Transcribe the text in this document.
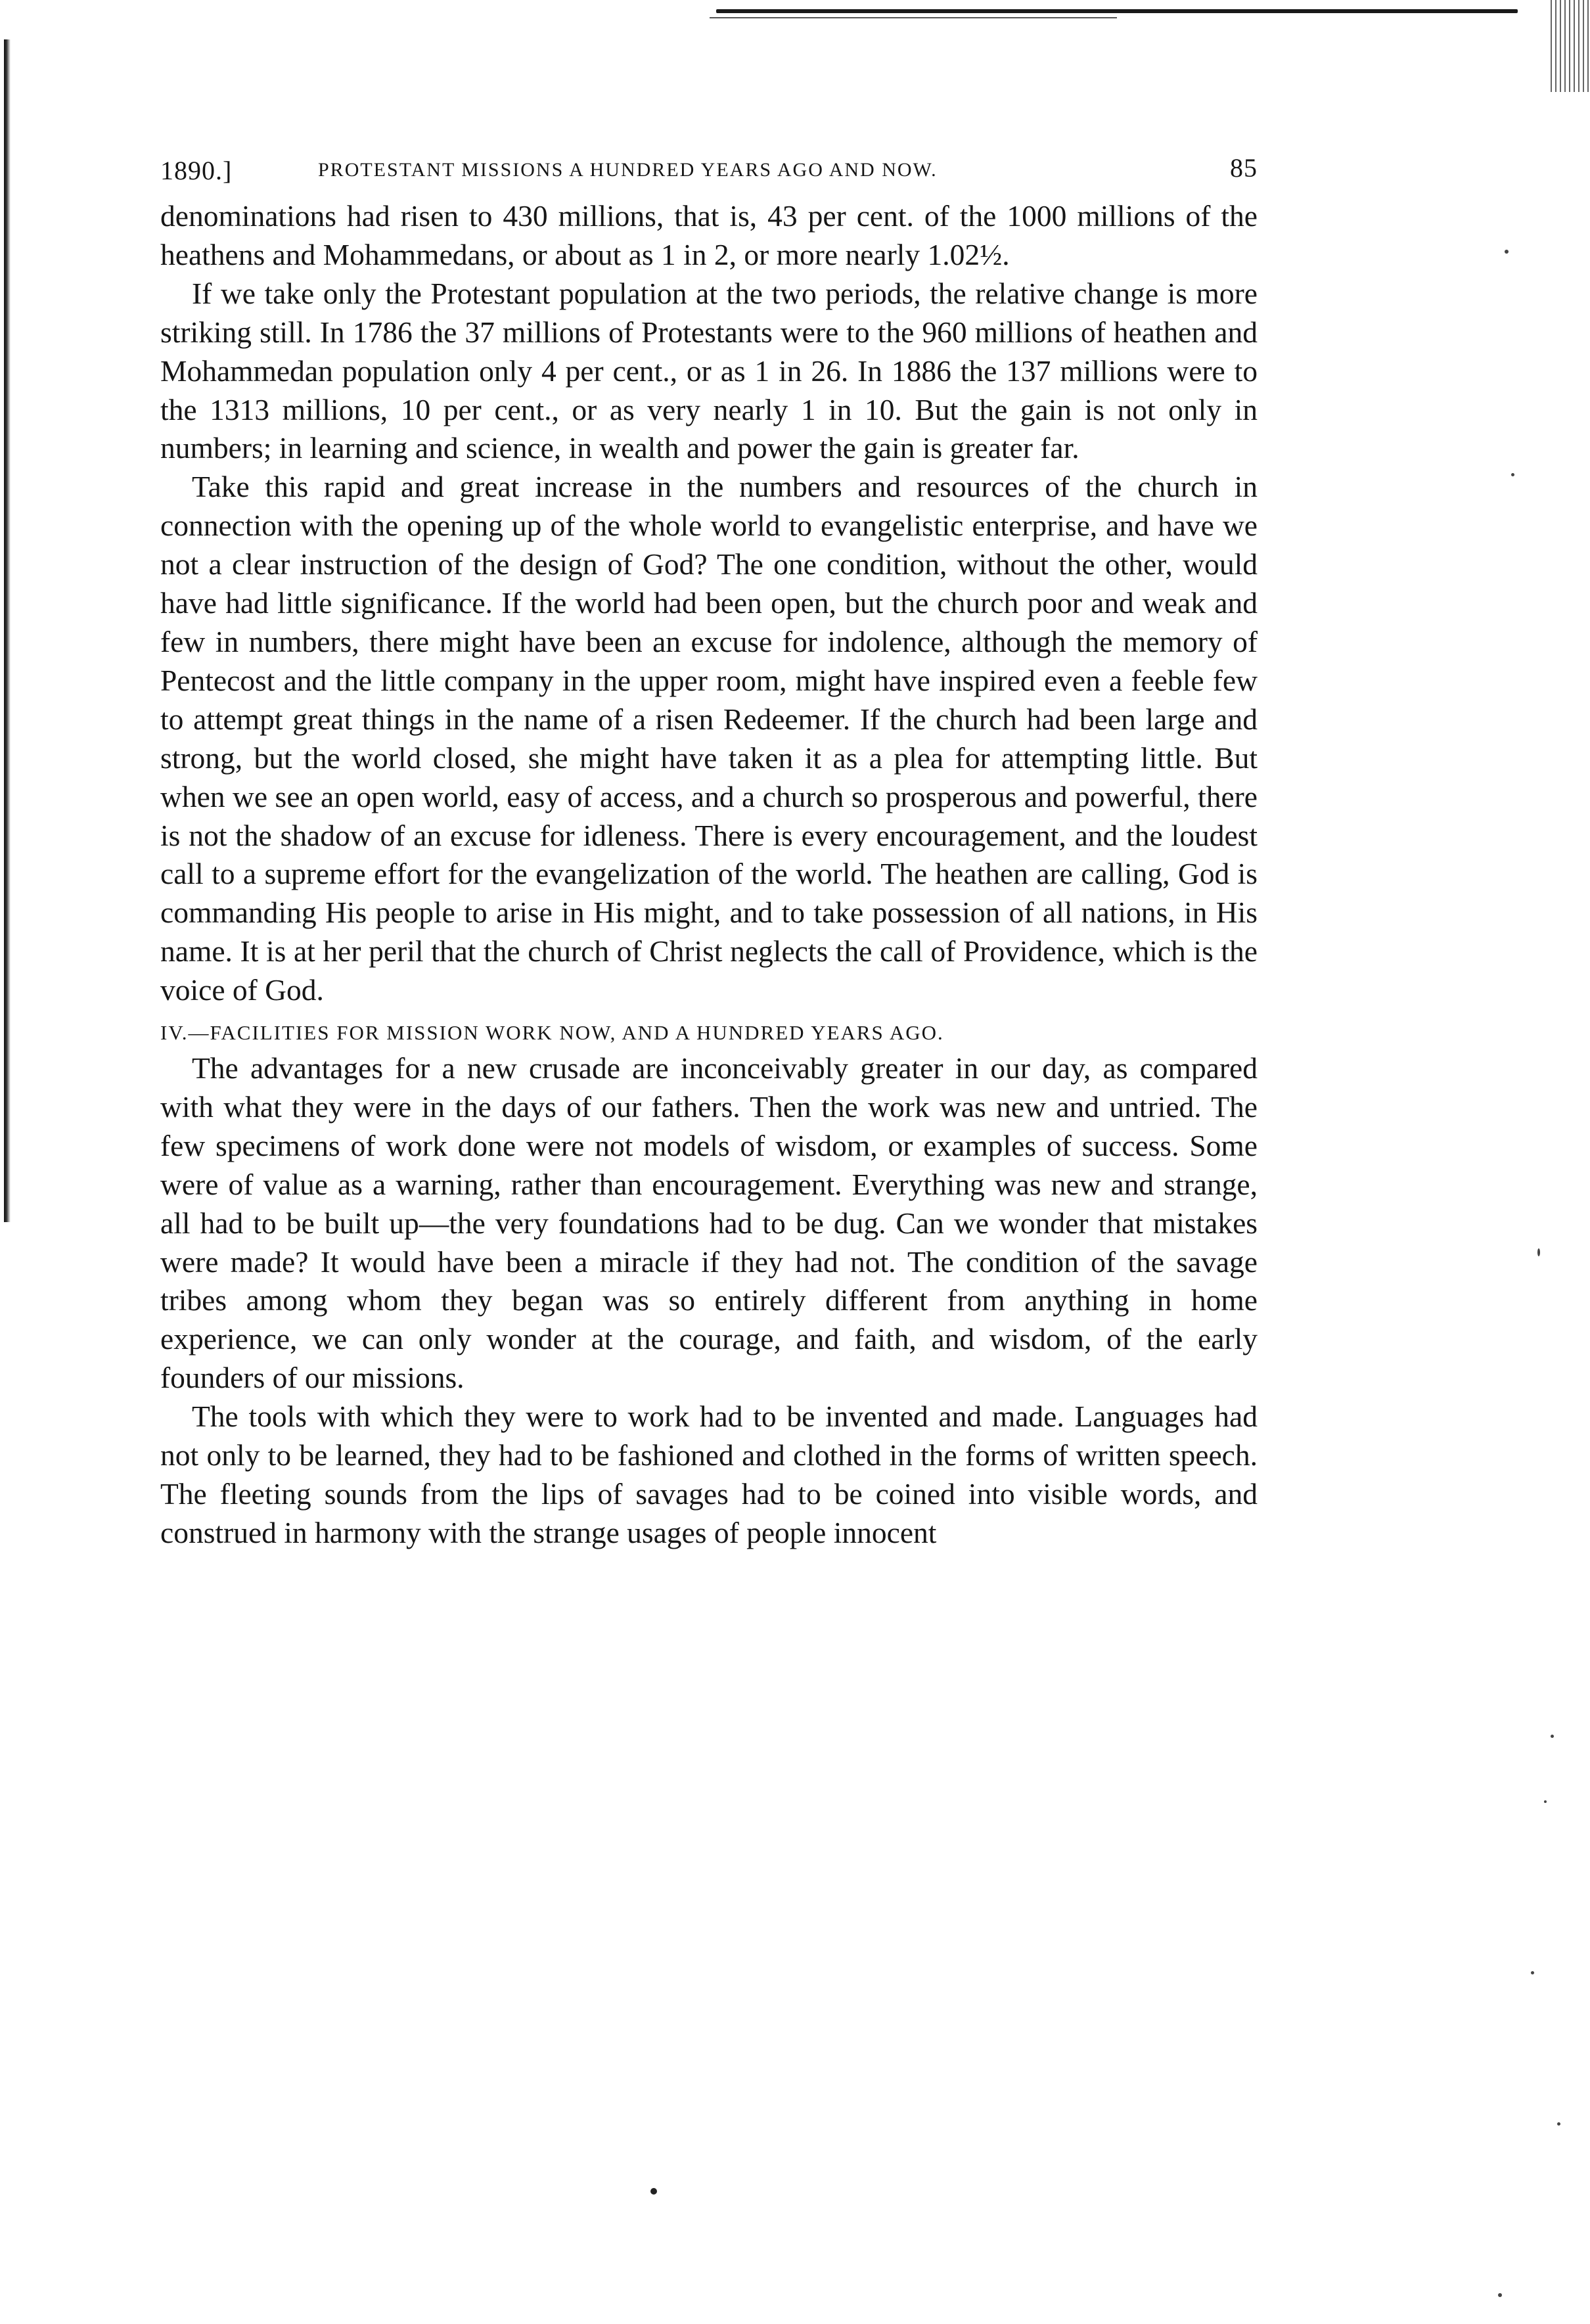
1890.]	PROTESTANT MISSIONS A HUNDRED YEARS AGO AND NOW.	85

denominations had risen to 430 millions, that is, 43 per cent. of the 1000 millions of the heathens and Mohammedans, or about as 1 in 2, or more nearly 1.02½.

If we take only the Protestant population at the two periods, the relative change is more striking still. In 1786 the 37 millions of Protestants were to the 960 millions of heathen and Mohammedan population only 4 per cent., or as 1 in 26. In 1886 the 137 millions were to the 1313 millions, 10 per cent., or as very nearly 1 in 10. But the gain is not only in numbers; in learning and science, in wealth and power the gain is greater far.

Take this rapid and great increase in the numbers and resources of the church in connection with the opening up of the whole world to evangelistic enterprise, and have we not a clear instruction of the design of God? The one condition, without the other, would have had little significance. If the world had been open, but the church poor and weak and few in numbers, there might have been an excuse for indolence, although the memory of Pentecost and the little company in the upper room, might have inspired even a feeble few to attempt great things in the name of a risen Redeemer. If the church had been large and strong, but the world closed, she might have taken it as a plea for attempting little. But when we see an open world, easy of access, and a church so prosperous and powerful, there is not the shadow of an excuse for idleness. There is every encouragement, and the loudest call to a supreme effort for the evangelization of the world. The heathen are calling, God is commanding His people to arise in His might, and to take possession of all nations, in His name. It is at her peril that the church of Christ neglects the call of Providence, which is the voice of God.

IV.—FACILITIES FOR MISSION WORK NOW, AND A HUNDRED YEARS AGO.

The advantages for a new crusade are inconceivably greater in our day, as compared with what they were in the days of our fathers. Then the work was new and untried. The few specimens of work done were not models of wisdom, or examples of success. Some were of value as a warning, rather than encouragement. Everything was new and strange, all had to be built up—the very foundations had to be dug. Can we wonder that mistakes were made? It would have been a miracle if they had not. The condition of the savage tribes among whom they began was so entirely different from anything in home experience, we can only wonder at the courage, and faith, and wisdom, of the early founders of our missions.

The tools with which they were to work had to be invented and made. Languages had not only to be learned, they had to be fashioned and clothed in the forms of written speech. The fleeting sounds from the lips of savages had to be coined into visible words, and construed in harmony with the strange usages of people innocent
